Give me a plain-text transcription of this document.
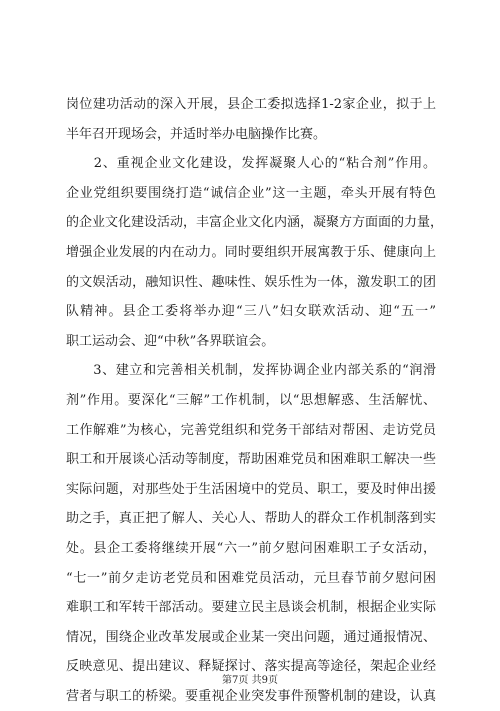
岗位建功活动的深入开展，县企工委拟选择1-2家企业，拟于上
半年召开现场会，并适时举办电脑操作比赛。
　　2、重视企业文化建设，发挥凝聚人心的“粘合剂”作用。
企业党组织要围绕打造“诚信企业”这一主题，牵头开展有特色
的企业文化建设活动，丰富企业文化内涵，凝聚方方面面的力量，
增强企业发展的内在动力。同时要组织开展寓教于乐、健康向上
的文娱活动，融知识性、趣味性、娱乐性为一体，激发职工的团
队精神。县企工委将举办迎“三八”妇女联欢活动、迎“五一”
职工运动会、迎“中秋”各界联谊会。
　　3、建立和完善相关机制，发挥协调企业内部关系的“润滑
剂”作用。要深化“三解”工作机制，以“思想解惑、生活解忧、
工作解难”为核心，完善党组织和党务干部结对帮困、走访党员
职工和开展谈心活动等制度，帮助困难党员和困难职工解决一些
实际问题，对那些处于生活困境中的党员、职工，要及时伸出援
助之手，真正把了解人、关心人、帮助人的群众工作机制落到实
处。县企工委将继续开展“六一”前夕慰问困难职工子女活动，
“七一”前夕走访老党员和困难党员活动，元旦春节前夕慰问困
难职工和军转干部活动。要建立民主恳谈会机制，根据企业实际
情况，围绕企业改革发展或企业某一突出问题，通过通报情况、
反映意见、提出建议、释疑探讨、落实提高等途径，架起企业经
营者与职工的桥梁。要重视企业突发事件预警机制的建设，认真
第7页 共9页
